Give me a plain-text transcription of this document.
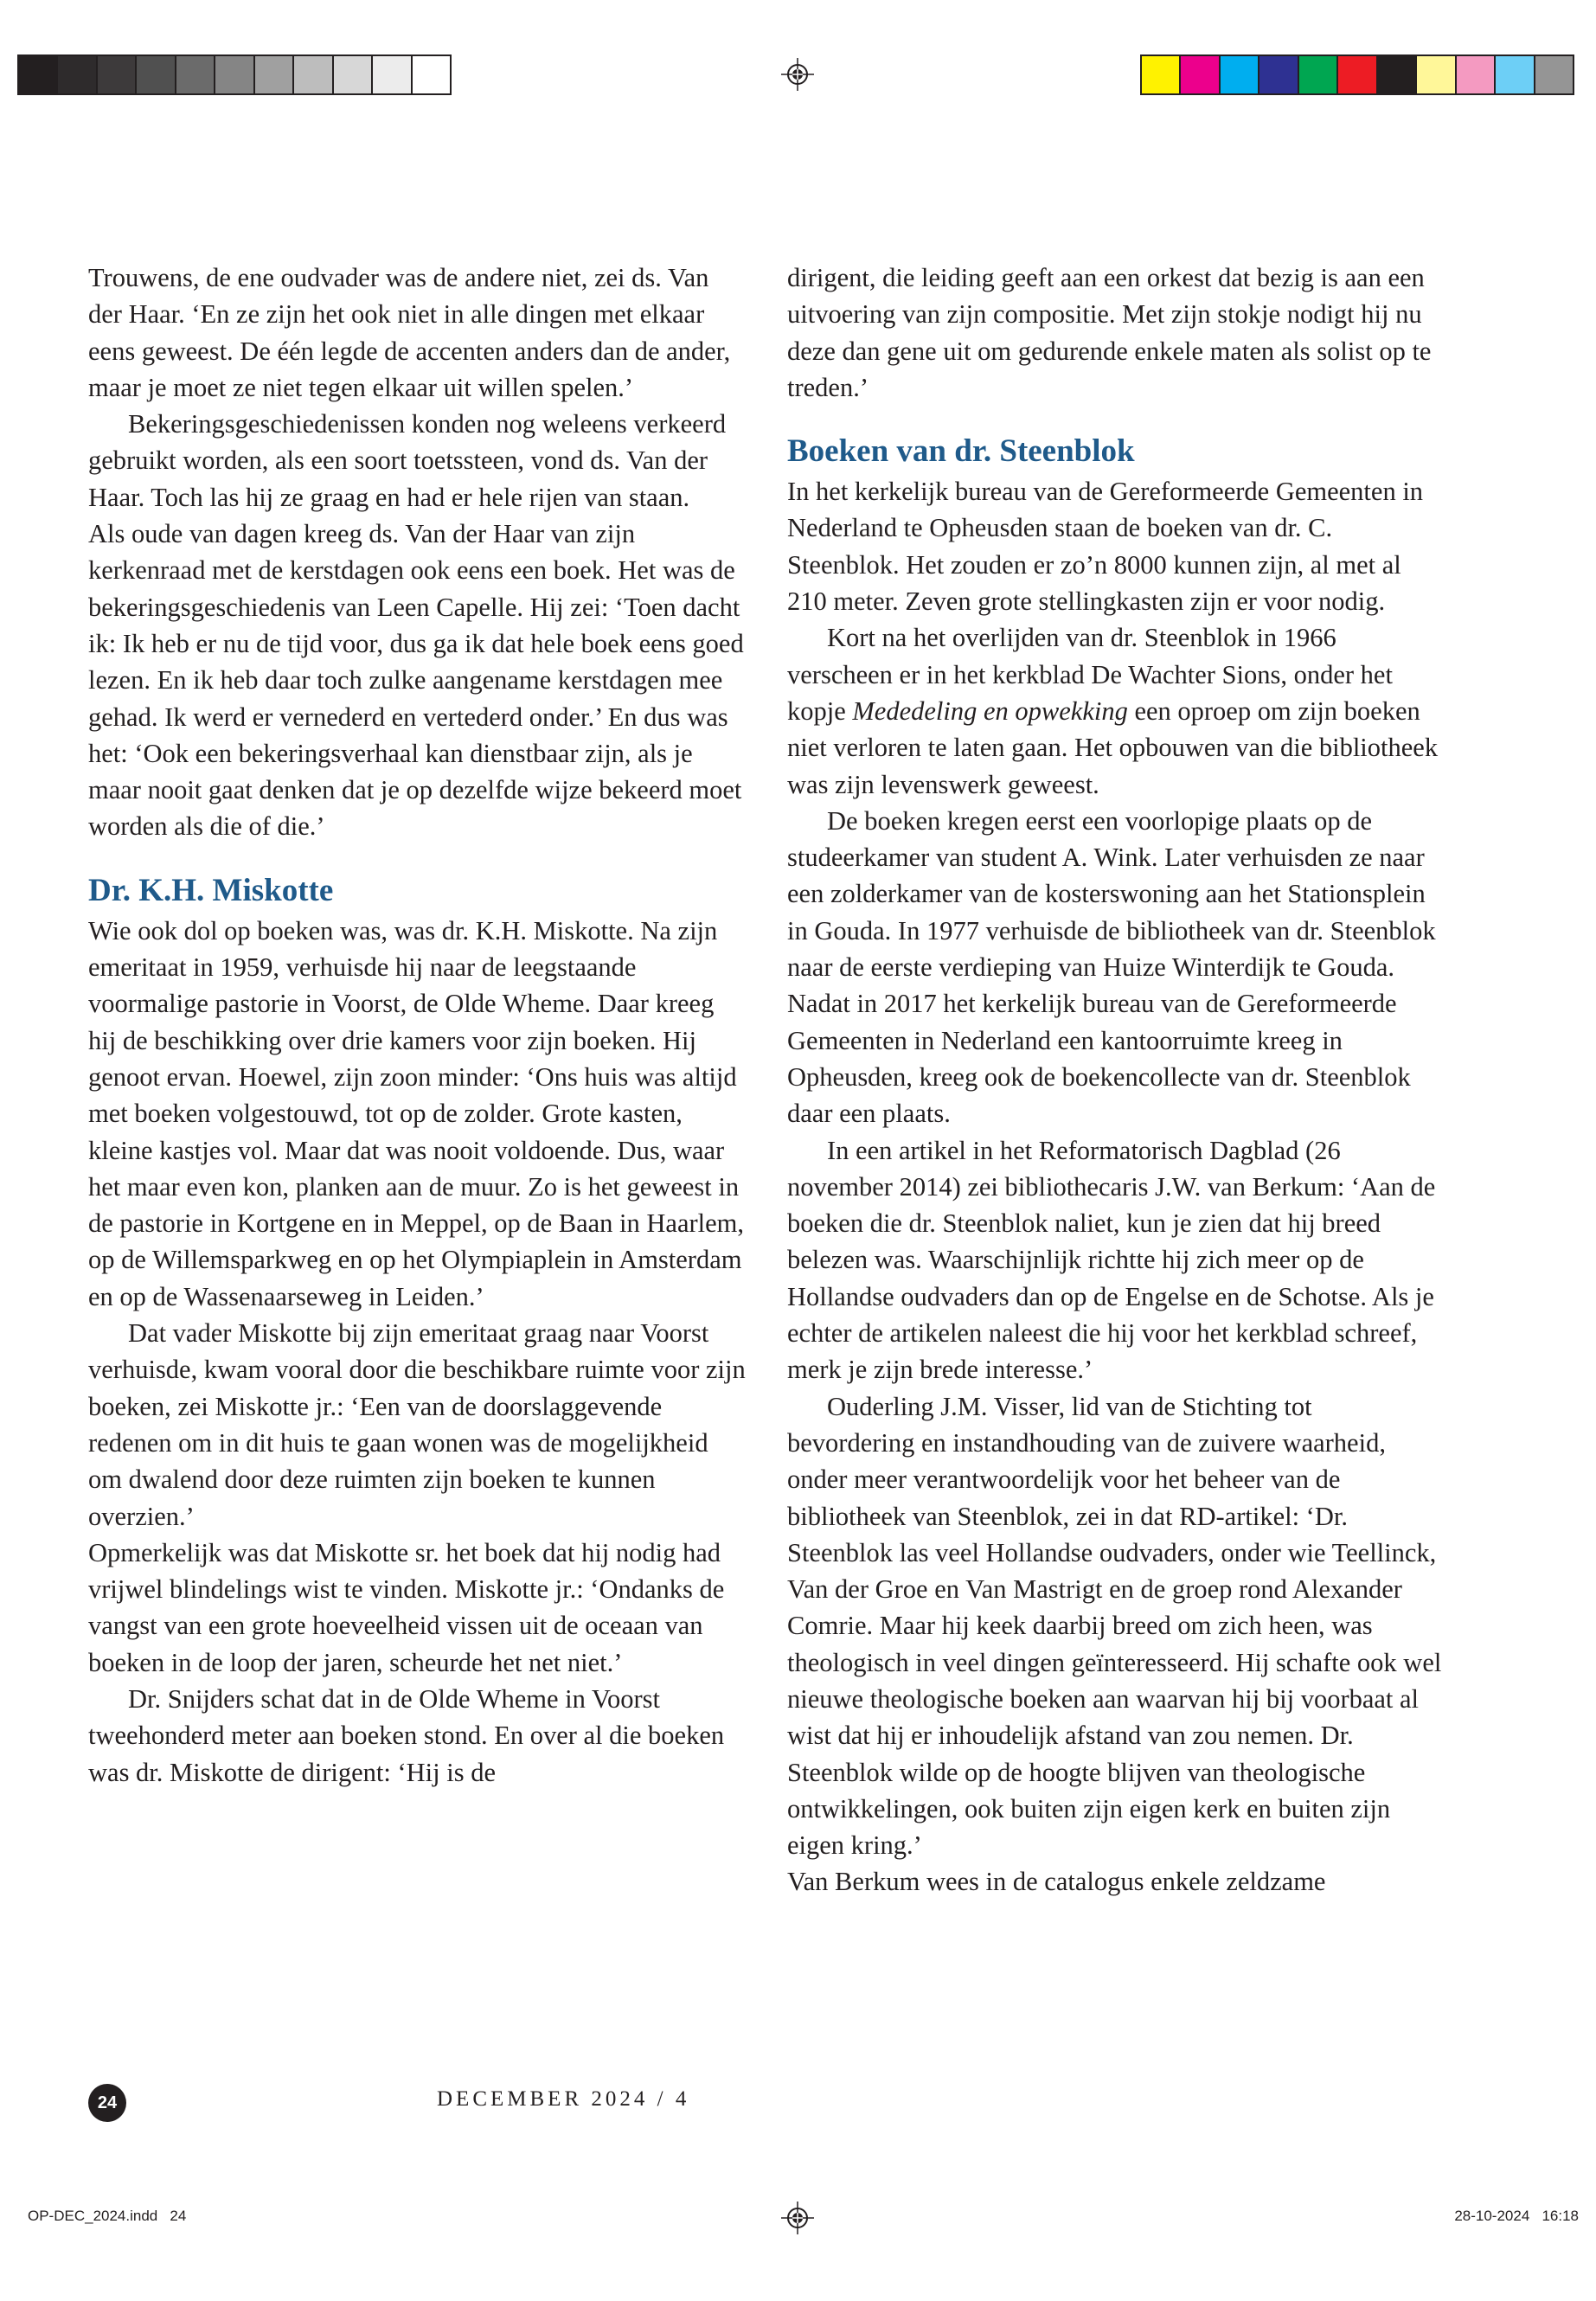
Trouwens, de ene oudvader was de andere niet, zei ds. Van der Haar. ‘En ze zijn het ook niet in alle dingen met elkaar eens geweest. De één legde de accenten anders dan de ander, maar je moet ze niet tegen elkaar uit willen spelen.’

Bekeringsgeschiedenissen konden nog weleens verkeerd gebruikt worden, als een soort toetssteen, vond ds. Van der Haar. Toch las hij ze graag en had er hele rijen van staan.

Als oude van dagen kreeg ds. Van der Haar van zijn kerkenraad met de kerstdagen ook eens een boek. Het was de bekeringsgeschiedenis van Leen Capelle. Hij zei: ‘Toen dacht ik: Ik heb er nu de tijd voor, dus ga ik dat hele boek eens goed lezen. En ik heb daar toch zulke aangename kerstdagen mee gehad. Ik werd er vernederd en vertederd onder.’ En dus was het: ‘Ook een bekeringsverhaal kan dienstbaar zijn, als je maar nooit gaat denken dat je op dezelfde wijze bekeerd moet worden als die of die.’

Dr. K.H. Miskotte

Wie ook dol op boeken was, was dr. K.H. Miskotte. Na zijn emeritaat in 1959, verhuisde hij naar de leegstaande voormalige pastorie in Voorst, de Olde Wheme. Daar kreeg hij de beschikking over drie kamers voor zijn boeken. Hij genoot ervan. Hoewel, zijn zoon minder: ‘Ons huis was altijd met boeken volgestouwd, tot op de zolder. Grote kasten, kleine kastjes vol. Maar dat was nooit voldoende. Dus, waar het maar even kon, planken aan de muur. Zo is het geweest in de pastorie in Kortgene en in Meppel, op de Baan in Haarlem, op de Willemsparkweg en op het Olympiaplein in Amsterdam en op de Wassenaarseweg in Leiden.’

Dat vader Miskotte bij zijn emeritaat graag naar Voorst verhuisde, kwam vooral door die beschikbare ruimte voor zijn boeken, zei Miskotte jr.: ‘Een van de doorslaggevende redenen om in dit huis te gaan wonen was de mogelijkheid om dwalend door deze ruimten zijn boeken te kunnen overzien.’

Opmerkelijk was dat Miskotte sr. het boek dat hij nodig had vrijwel blindelings wist te vinden. Miskotte jr.: ‘Ondanks de vangst van een grote hoeveelheid vissen uit de oceaan van boeken in de loop der jaren, scheurde het net niet.’

Dr. Snijders schat dat in de Olde Wheme in Voorst tweehonderd meter aan boeken stond. En over al die boeken was dr. Miskotte de dirigent: ‘Hij is de

dirigent, die leiding geeft aan een orkest dat bezig is aan een uitvoering van zijn compositie. Met zijn stokje nodigt hij nu deze dan gene uit om gedurende enkele maten als solist op te treden.’

Boeken van dr. Steenblok

In het kerkelijk bureau van de Gereformeerde Gemeenten in Nederland te Opheusden staan de boeken van dr. C. Steenblok. Het zouden er zo’n 8000 kunnen zijn, al met al 210 meter. Zeven grote stellingkasten zijn er voor nodig.

Kort na het overlijden van dr. Steenblok in 1966 verscheen er in het kerkblad De Wachter Sions, onder het kopje Mededeling en opwekking een oproep om zijn boeken niet verloren te laten gaan. Het opbouwen van die bibliotheek was zijn levenswerk geweest.

De boeken kregen eerst een voorlopige plaats op de studeerkamer van student A. Wink. Later verhuisden ze naar een zolderkamer van de kosterswoning aan het Stationsplein in Gouda. In 1977 verhuisde de bibliotheek van dr. Steenblok naar de eerste verdieping van Huize Winterdijk te Gouda. Nadat in 2017 het kerkelijk bureau van de Gereformeerde Gemeenten in Nederland een kantoorruimte kreeg in Opheusden, kreeg ook de boekencollecte van dr. Steenblok daar een plaats.

In een artikel in het Reformatorisch Dagblad (26 november 2014) zei bibliothecaris J.W. van Berkum: ‘Aan de boeken die dr. Steenblok naliet, kun je zien dat hij breed belezen was. Waarschijnlijk richtte hij zich meer op de Hollandse oudvaders dan op de Engelse en de Schotse. Als je echter de artikelen naleest die hij voor het kerkblad schreef, merk je zijn brede interesse.’

Ouderling J.M. Visser, lid van de Stichting tot bevordering en instandhouding van de zuivere waarheid, onder meer verantwoordelijk voor het beheer van de bibliotheek van Steenblok, zei in dat RD-artikel: ‘Dr. Steenblok las veel Hollandse oudvaders, onder wie Teellinck, Van der Groe en Van Mastrigt en de groep rond Alexander Comrie. Maar hij keek daarbij breed om zich heen, was theologisch in veel dingen geïnteresseerd. Hij schafte ook wel nieuwe theologische boeken aan waarvan hij bij voorbaat al wist dat hij er inhoudelijk afstand van zou nemen. Dr. Steenblok wilde op de hoogte blijven van theologische ontwikkelingen, ook buiten zijn eigen kerk en buiten zijn eigen kring.’

Van Berkum wees in de catalogus enkele zeldzame

24	DECEMBER 2024 / 4
OP-DEC_2024.indd   24	28-10-2024   16:18
